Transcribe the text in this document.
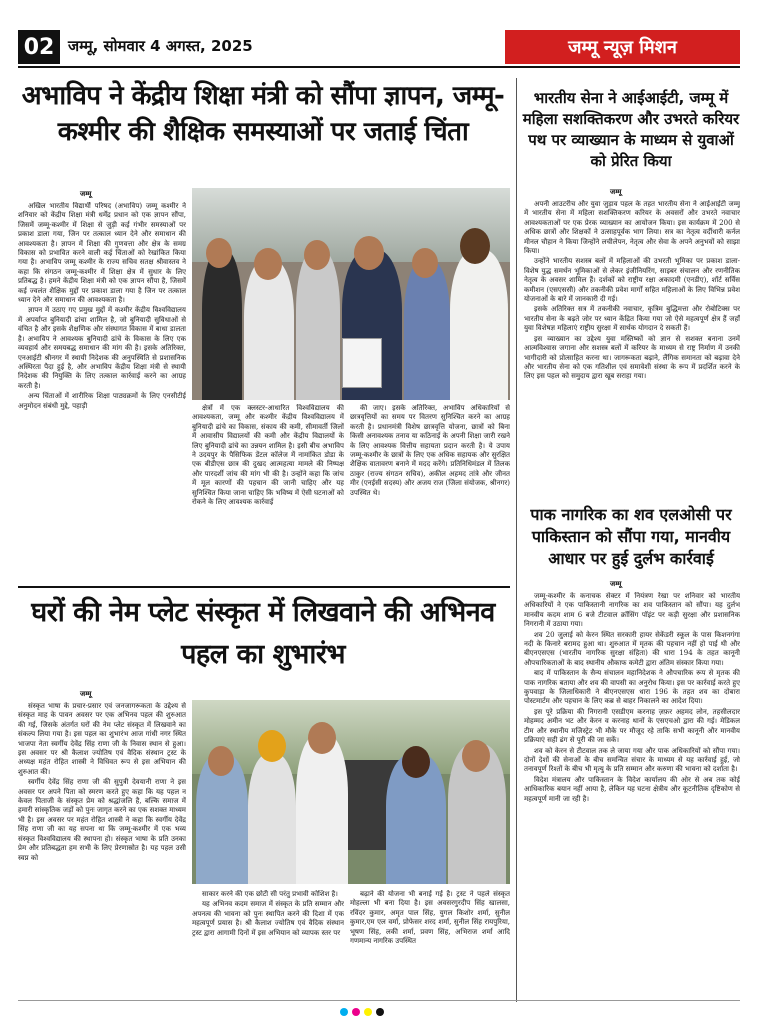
02 जम्मू, सोमवार 4 अगस्त, 2025	जम्मू न्यूज़ मिशन
अभाविप ने केंद्रीय शिक्षा मंत्री को सौंपा ज्ञापन, जम्मू-कश्मीर की शैक्षिक समस्याओं पर जताई चिंता
जम्मू

अखिल भारतीय विद्यार्थी परिषद (अभाविप) जम्मू कश्मीर ने शनिवार को केंद्रीय शिक्षा मंत्री धर्मेंद्र प्रधान को एक ज्ञापन सौंपा, जिसमें जम्मू-कश्मीर में शिक्षा से जुड़ी कई गंभीर समस्याओं पर प्रकाश डाला गया, जिन पर तत्काल ध्यान देने और समाधान की आवश्यकता है। ज्ञापन में शिक्षा की गुणवत्ता और क्षेत्र के समग्र विकास को प्रभावित करने वाली कई चिंताओं को रेखांकित किया गया है। अभाविप जम्मू कश्मीर के राज्य सचिव सतक्ष श्रीवास्तव ने कहा कि संगठन जम्मू-कश्मीर में शिक्षा क्षेत्र में सुधार के लिए प्रतिबद्ध है। हमने केंद्रीय शिक्षा मंत्री को एक ज्ञापन सौंपा है, जिसमें कई ज्वलंत शैक्षिक मुद्दों पर प्रकाश डाला गया है जिन पर तत्काल ध्यान देने और समाधान की आवश्यकता है।

ज्ञापन में उठाए गए प्रमुख मुद्दों में कश्मीर केंद्रीय विश्वविद्यालय में अपर्याप्त बुनियादी ढांचा शामिल है, जो बुनियादी सुविधाओं से वंचित है और इसके शैक्षणिक और संस्थागत विकास में बाधा डालता है। अभाविप ने आवश्यक बुनियादी ढांचे के विकास के लिए एक व्यवहार्य और समयबद्ध समाधान की मांग की है। इसके अतिरिक्त, एनआईटी श्रीनगर में स्थायी निदेशक की अनुपस्थिति से प्रशासनिक अस्थिरता पैदा हुई है, और अभाविप केंद्रीय शिक्षा मंत्री से स्थायी निदेशक की नियुक्ति के लिए तत्काल कार्रवाई करने का आग्रह करती है।

अन्य चिंताओं में शारीरिक शिक्षा पाठ्यक्रमों के लिए एनसीटीई अनुमोदन संबंधी मुद्दे, पहाड़ी	क्षेत्रों में एक क्लस्टर-आधारित विश्वविद्यालय की आवश्यकता, जम्मू और कश्मीर केंद्रीय विश्वविद्यालय में बुनियादी ढांचे का विकास, संकाय की कमी, सीमावर्ती जिलों में आवासीय विद्यालयों की कमी और केंद्रीय विद्यालयों के लिए बुनियादी ढांचे का उन्नयन शामिल है। इसी बीच अभाविप ने उदयपुर के पैसिफिक डेंटल कॉलेज में नामांकित डोडा के एक बीडीएस छात्र की दुखद आत्महत्या मामले की निष्पक्ष और पारदर्शी जांच की मांग भी की है। उन्होंने कहा कि जांच में मूल कारणों की पहचान की जानी चाहिए और यह सुनिश्चित किया जाना चाहिए कि भविष्य में ऐसी घटनाओं को रोकने के लिए आवश्यक कार्रवाई

की जाए। इसके अतिरिक्त, अभाविप अधिकारियों से छात्रवृत्तियों का समय पर वितरण सुनिश्चित करने का आग्रह करती है। प्रधानमंत्री विशेष छात्रवृत्ति योजना, छात्रों को बिना किसी अनावश्यक तनाव या कठिनाई के अपनी शिक्षा जारी रखने के लिए आवश्यक वित्तीय सहायता प्रदान करती है। ये उपाय जम्मू-कश्मीर के छात्रों के लिए एक अधिक सहायक और सुरक्षित शैक्षिक वातावरण बनाने में मदद करेंगे। प्रतिनिधिमंडल में तिलक ठाकुर (राज्य संगठन सचिव), अकील अहमद तांत्रे और जीनत मीर (एनईसी सदस्य) और अजय राज (जिला संयोजक, श्रीनगर) उपस्थित थे।

भारतीय सेना ने आईआईटी, जम्मू में महिला सशक्तिकरण और उभरते करियर पथ पर व्याख्यान के माध्यम से युवाओं को प्रेरित किया
जम्मू

अपनी आउटरीच और युवा जुड़ाव पहल के तहत भारतीय सेना ने आईआईटी जम्मू में भारतीय सेना में महिला सशक्तिकरण करियर के अवसरों और उभरते नवाचार आवश्यकताओं पर एक प्रेरक व्याख्यान का आयोजन किया। इस कार्यक्रम में 200 से अधिक छात्रों और शिक्षकों ने उत्साहपूर्वक भाग लिया। सत्र का नेतृत्व वर्दीधारी कर्नल मीनल चौहान ने किया जिन्होंने लचीलेपन, नेतृत्व और सेवा के अपने अनुभवों को साझा किया।

उन्होंने भारतीय सशस्त्र बलों में महिलाओं की उभरती भूमिका पर प्रकाश डाला-विशेष युद्ध समर्थन भूमिकाओं से लेकर इंजीनियरिंग, साइबर संचालन और रणनीतिक नेतृत्व के अवसर शामिल हैं। दर्शकों को राष्ट्रीय रक्षा अकादमी (एनडीए), शॉर्ट सर्विस कमीशन (एसएससी) और तकनीकी प्रवेश मार्गों सहित महिलाओं के लिए विभिन्न प्रवेश योजनाओं के बारे में जानकारी दी गई।

इसके अतिरिक्त सत्र में तकनीकी नवाचार, कृत्रिम बुद्धिमत्ता और रोबोटिक्स पर भारतीय सेना के बढ़ते जोर पर ध्यान केंद्रित किया गया जो ऐसे महत्वपूर्ण क्षेत्र हैं जहाँ युवा विशेषज्ञ महिलाएं राष्ट्रीय सुरक्षा में सार्थक योगदान दे सकती हैं।

इस व्याख्यान का उद्देश्य युवा मस्तिष्कों को ज्ञान से सशक्त बनाना उनमें आत्मविश्वास जगाना और सशस्त्र बलों में करियर के माध्यम से राष्ट्र निर्माण में उनकी भागीदारी को प्रोत्साहित करना था। जागरूकता बढ़ाने, लैंगिक समानता को बढ़ावा देने और भारतीय सेना को एक गतिशील एवं समावेशी संस्था के रूप में प्रदर्शित करने के लिए इस पहल को समुदाय द्वारा खूब सराहा गया।

पाक नागरिक का शव एलओसी पर पाकिस्तान को सौंपा गया, मानवीय आधार पर हुई दुर्लभ कार्रवाई
जम्मू

जम्मू-कश्मीर के कनाचक सेक्टर में नियंत्रण रेखा पर शनिवार को भारतीय अधिकारियों ने एक पाकिस्तानी नागरिक का शव पाकिस्तान को सौंपा। यह दुर्लभ मानवीय कदम शाम 6 बजे टीटवाल क्रॉसिंग पॉइंट पर कड़ी सुरक्षा और प्रशासनिक निगरानी में उठाया गया।

शव 20 जुलाई को केरन स्थित सरकारी हायर सेकेंडरी स्कूल के पास किशनगंगा नदी के किनारे बरामद हुआ था। शुरुआत में मृतक की पहचान नहीं हो पाई थी और बीएनएसएस (भारतीय नागरिक सुरक्षा संहिता) की धारा 194 के तहत कानूनी औपचारिकताओं के बाद स्थानीय औकाफ कमेटी द्वारा अंतिम संस्कार किया गया।

बाद में पाकिस्तान के सैन्य संचालन महानिदेशक ने औपचारिक रूप से मृतक की पाक नागरिक बताया और शव की वापसी का अनुरोध किया। इस पर कार्रवाई करते हुए कुपवाड़ा के जिलाधिकारी ने बीएनएसएस धारा 196 के तहत शव का दोबारा पोस्टमार्टम और पहचान के लिए कब्र से बाहर निकालने का आदेश दिया।

इस पूरे प्रक्रिया की निगरानी एसडीएम करनाह ज़फ़र अहमद लोन, तहसीलदार मोहम्मद अमीन भट और केरन व करनाह थानों के एसएचओ द्वारा की गई। मेडिकल टीम और स्थानीय मजिस्ट्रेट भी मौके पर मौजूद रहे ताकि सभी कानूनी और मानवीय प्रक्रियाएं सही ढंग से पूरी की जा सकें।

शव को केरन से टीटवाल तक ले जाया गया और पाक अधिकारियों को सौंपा गया। दोनों देशों की सेनाओं के बीच समन्वित संचार के माध्यम से यह कार्रवाई हुई, जो तनावपूर्ण रिश्तों के बीच भी मृत्यु के प्रति सम्मान और करुणा की भावना को दर्शाता है।

विदेश मंत्रालय और पाकिस्तान के विदेश कार्यालय की ओर से अब तक कोई आधिकारिक बयान नहीं आया है, लेकिन यह घटना क्षेत्रीय और कूटनीतिक दृष्टिकोण से महत्वपूर्ण मानी जा रही है।

घरों की नेम प्लेट संस्कृत में लिखवाने की अभिनव पहल का शुभारंभ
जम्मू

संस्कृत भाषा के प्रचार-प्रसार एवं जनजागरूकता के उद्देश्य से संस्कृत माह के पावन अवसर पर एक अभिनव पहल की शुरुआत की गई, जिसके अंतर्गत घरों की नेम प्लेट संस्कृत में लिखवाने का संकल्प लिया गया है। इस पहल का शुभारंभ आज गांधी नगर स्थित भाजपा नेता स्वर्गीय देवेंद्र सिंह राणा जी के निवास स्थान से हुआ। इस अवसर पर श्री कैलाश ज्योतिष एवं वैदिक संस्थान ट्रस्ट के अध्यक्ष महंत रोहित शास्त्री ने विधिवत रूप से इस अभियान की शुरुआत की।

स्वर्गीय देवेंद्र सिंह राणा जी की सुपुत्री देवयानी राणा ने इस अवसर पर अपने पिता को स्मरण करते हुए कहा कि यह पहल न केवल पिताजी के संस्कृत प्रेम को श्रद्धांजलि है, बल्कि समाज में हमारी सांस्कृतिक जड़ों को पुनः जागृत करने का एक सशक्त माध्यम भी है। इस अवसर पर महंत रोहित शास्त्री ने कहा कि स्वर्गीय देवेंद्र सिंह राणा जी का यह सपना था कि जम्मू-कश्मीर में एक भव्य संस्कृत विश्वविद्यालय की स्थापना हो। संस्कृत भाषा के प्रति उनका प्रेम और प्रतिबद्धता हम सभी के लिए प्रेरणास्रोत है। यह पहल उसी स्वप्न को

साकार करने की एक छोटी सी परंतु प्रभावी कोशिश है।

यह अभिनव कदम समाज में संस्कृत के प्रति सम्मान और अपनत्व की भावना को पुनः स्थापित करने की दिशा में एक महत्वपूर्ण प्रयास है। श्री कैलाश ज्योतिष एवं वैदिक संस्थान ट्रस्ट द्वारा आगामी दिनों में इस अभियान को व्यापक स्तर पर

बढ़ाने की योजना भी बनाई गई है। ट्रस्ट ने पहले संस्कृत मोहल्ला भी बना दिया है। इस अवसरगुरदीप सिंह खालसा, रविंदर कुमार, अमृत पाल सिंह, युगल किशोर शर्मा, सुनील कुमार,एम एल वर्मा, प्रोफेसर शरद शर्मा, सुनील सिंह रायपुरिया, भूषण सिंह, लकी शर्मा, प्रवण सिंह, अभिराज शर्मा आदि गणमान्य नागरिक उपस्थित
